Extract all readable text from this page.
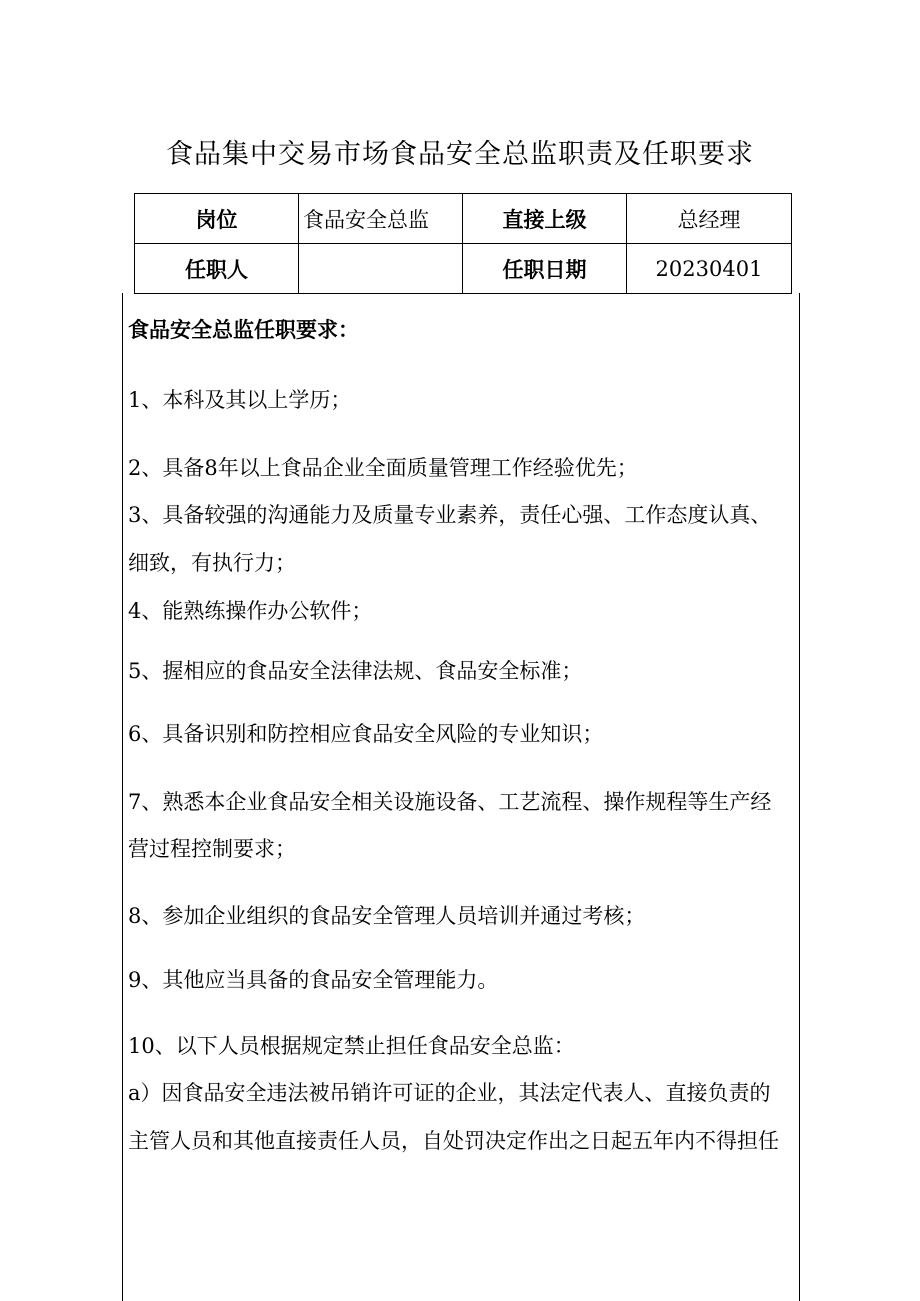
食品集中交易市场食品安全总监职责及任职要求
岗位	食品安全总监	直接上级	总经理
任职人		任职日期	20230401
食品安全总监任职要求：
1、本科及其以上学历；
2、具备8年以上食品企业全面质量管理工作经验优先；
3、具备较强的沟通能力及质量专业素养，责任心强、工作态度认真、
细致，有执行力；
4、能熟练操作办公软件；
5、握相应的食品安全法律法规、食品安全标准；
6、具备识别和防控相应食品安全风险的专业知识；
7、熟悉本企业食品安全相关设施设备、工艺流程、操作规程等生产经
营过程控制要求；
8、参加企业组织的食品安全管理人员培训并通过考核；
9、其他应当具备的食品安全管理能力。
10、以下人员根据规定禁止担任食品安全总监：
a）因食品安全违法被吊销许可证的企业，其法定代表人、直接负责的
主管人员和其他直接责任人员，自处罚决定作出之日起五年内不得担任
